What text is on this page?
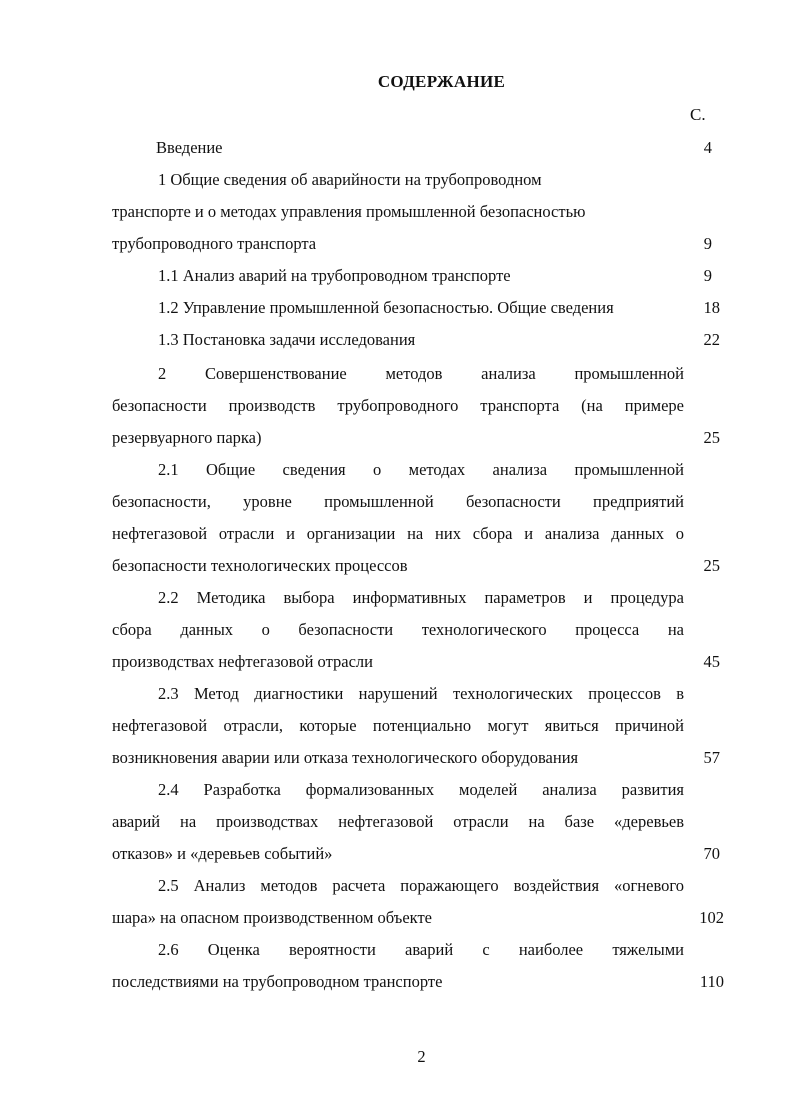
СОДЕРЖАНИЕ
С.
Введение	4
1 Общие сведения об аварийности на трубопроводном
транспорте и о методах управления промышленной безопасностью
трубопроводного транспорта	9
1.1 Анализ аварий на трубопроводном транспорте	9
1.2 Управление промышленной безопасностью. Общие сведения	18
1.3 Постановка задачи исследования	22
2 Совершенствование методов анализа промышленной
безопасности производств трубопроводного транспорта (на примере
резервуарного парка)	25
2.1 Общие сведения о методах анализа промышленной
безопасности, уровне промышленной безопасности предприятий
нефтегазовой отрасли и организации на них сбора и анализа данных о
безопасности технологических процессов	25
2.2 Методика выбора информативных параметров и процедура
сбора данных о безопасности технологического процесса на
производствах нефтегазовой отрасли	45
2.3 Метод диагностики нарушений технологических процессов в
нефтегазовой отрасли, которые потенциально могут явиться причиной
возникновения аварии или отказа технологического оборудования	57
2.4 Разработка формализованных моделей анализа развития
аварий на производствах нефтегазовой отрасли на базе «деревьев
отказов» и «деревьев событий»	70
2.5 Анализ методов расчета поражающего воздействия «огневого
шара» на опасном производственном объекте	102
2.6 Оценка вероятности аварий с наиболее тяжелыми
последствиями на трубопроводном транспорте	110
2
